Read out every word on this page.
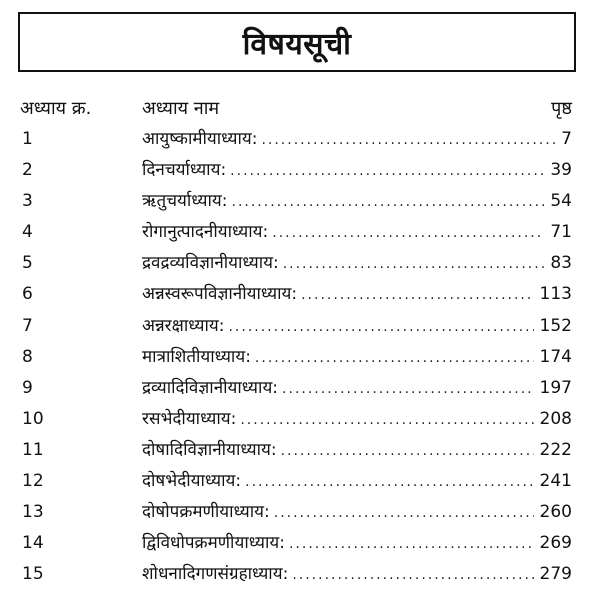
विषयसूची
अध्याय क्र.	अध्याय नाम	पृष्ठ
1	आयुष्कामीयाध्याय: .....	7
2	दिनचर्याध्याय: .....	39
3	ऋतुचर्याध्याय: .....	54
4	रोगानुत्पादनीयाध्याय: .....	71
5	द्रवद्रव्यविज्ञानीयाध्याय: .....	83
6	अन्नस्वरूपविज्ञानीयाध्याय: .....	113
7	अन्नरक्षाध्याय: .....	152
8	मात्राशितीयाध्याय: .....	174
9	द्रव्यादिविज्ञानीयाध्याय: .....	197
10	रसभेदीयाध्याय: .....	208
11	दोषादिविज्ञानीयाध्याय: .....	222
12	दोषभेदीयाध्याय: .....	241
13	दोषोपक्रमणीयाध्याय: .....	260
14	द्विविधोपक्रमणीयाध्याय: .....	269
15	शोधनादिगणसंग्रहाध्याय: .....	279
